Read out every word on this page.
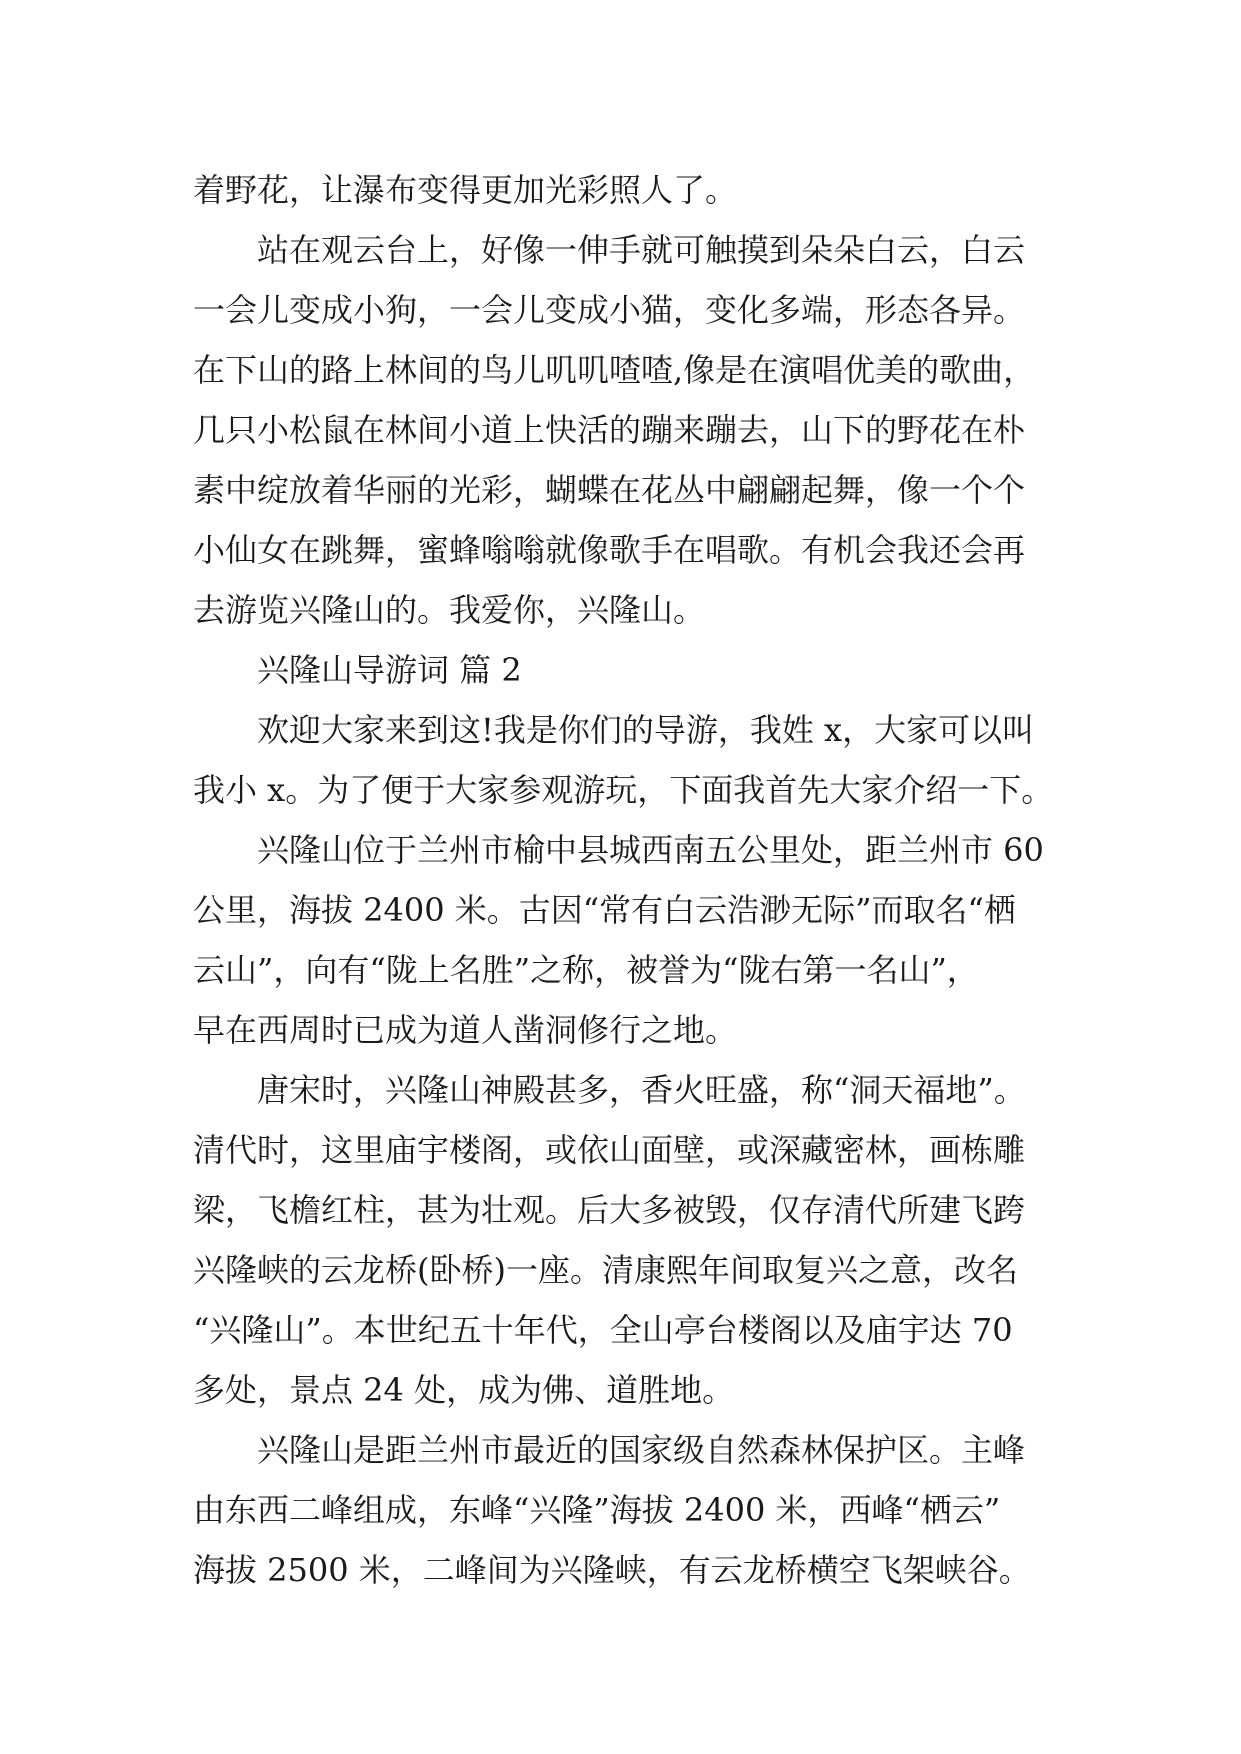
着野花，让瀑布变得更加光彩照人了。
站在观云台上，好像一伸手就可触摸到朵朵白云，白云
一会儿变成小狗，一会儿变成小猫，变化多端，形态各异。
在下山的路上林间的鸟儿叽叽喳喳,像是在演唱优美的歌曲，
几只小松鼠在林间小道上快活的蹦来蹦去，山下的野花在朴
素中绽放着华丽的光彩，蝴蝶在花丛中翩翩起舞，像一个个
小仙女在跳舞，蜜蜂嗡嗡就像歌手在唱歌。有机会我还会再
去游览兴隆山的。我爱你，兴隆山。
兴隆山导游词 篇 2
欢迎大家来到这!我是你们的导游，我姓 x，大家可以叫
我小 x。为了便于大家参观游玩，下面我首先大家介绍一下。
兴隆山位于兰州市榆中县城西南五公里处，距兰州市 60
公里，海拔 2400 米。古因“常有白云浩渺无际”而取名“栖
云山”，向有“陇上名胜”之称，被誉为“陇右第一名山”，
早在西周时已成为道人凿洞修行之地。
唐宋时，兴隆山神殿甚多，香火旺盛，称“洞天福地”。
清代时，这里庙宇楼阁，或依山面壁，或深藏密林，画栋雕
梁，飞檐红柱，甚为壮观。后大多被毁，仅存清代所建飞跨
兴隆峡的云龙桥(卧桥)一座。清康熙年间取复兴之意，改名
“兴隆山”。本世纪五十年代，全山亭台楼阁以及庙宇达 70
多处，景点 24 处，成为佛、道胜地。
兴隆山是距兰州市最近的国家级自然森林保护区。主峰
由东西二峰组成，东峰“兴隆”海拔 2400 米，西峰“栖云”
海拔 2500 米，二峰间为兴隆峡，有云龙桥横空飞架峡谷。
